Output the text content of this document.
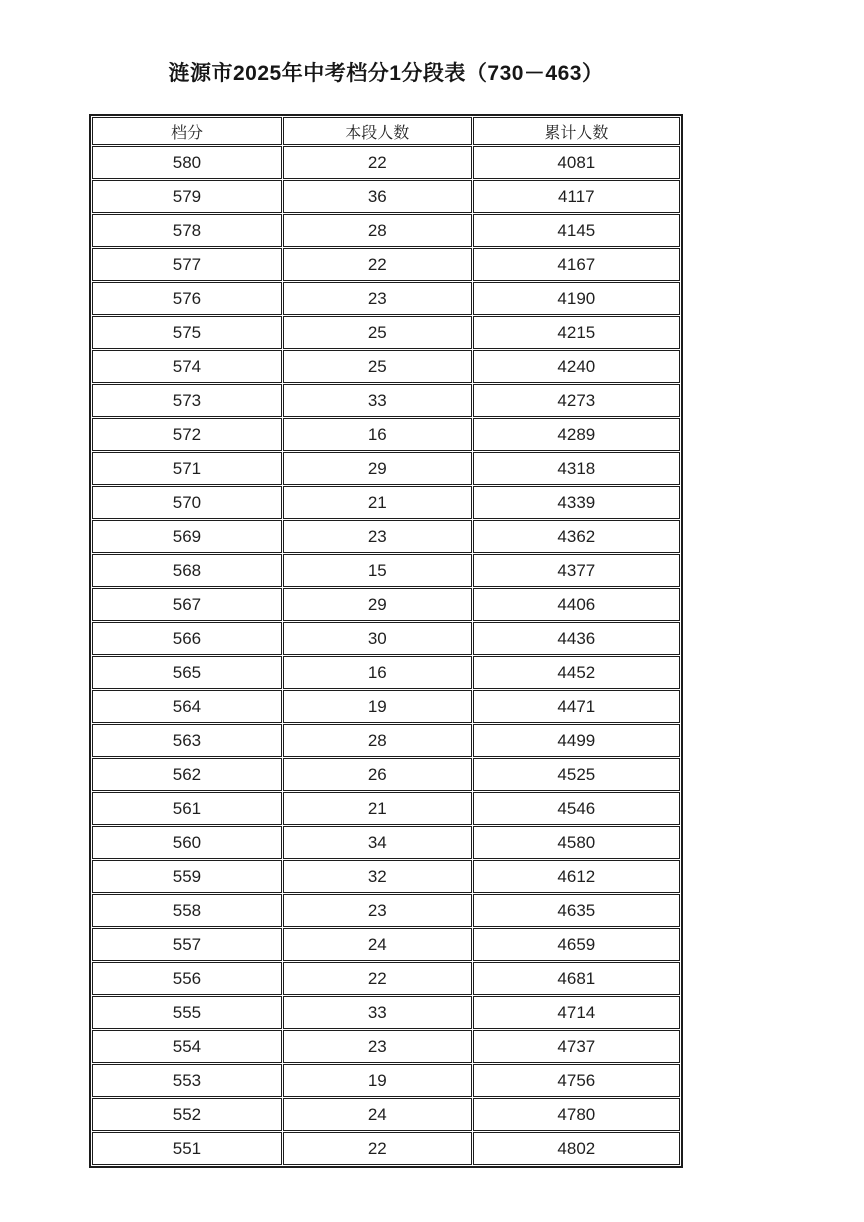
涟源市2025年中考档分1分段表（730－463）
档分	本段人数	累计人数
580	22	4081
579	36	4117
578	28	4145
577	22	4167
576	23	4190
575	25	4215
574	25	4240
573	33	4273
572	16	4289
571	29	4318
570	21	4339
569	23	4362
568	15	4377
567	29	4406
566	30	4436
565	16	4452
564	19	4471
563	28	4499
562	26	4525
561	21	4546
560	34	4580
559	32	4612
558	23	4635
557	24	4659
556	22	4681
555	33	4714
554	23	4737
553	19	4756
552	24	4780
551	22	4802
